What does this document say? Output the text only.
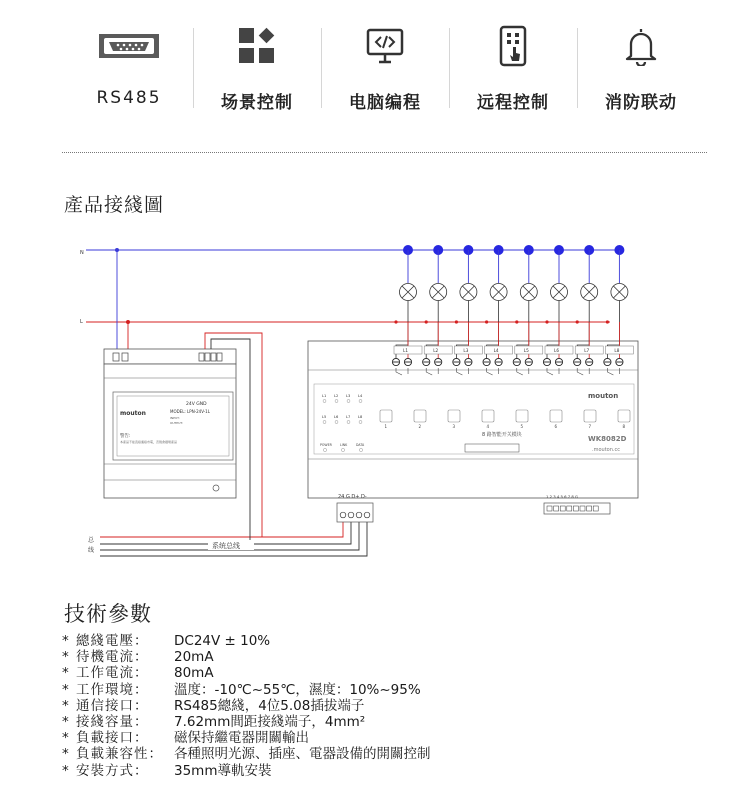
RS485	场景控制	电脑编程	远程控制	消防联动
產品接綫圖
N
L
mouton
24V GND
MODEL: LPN-24V-1L
INPUT:
OUTPUT:
警告:
本產品不能直接連接市電，否則會損壞產品
总
线
系统总线
mouton
WK8082D
.mouton.cc
8 路智能开关模块
POWER	LINK	DATA
24 G D+ D-	1 2 3 4 5 6 7 8 G
L1
1
L2
2
L3
3
L4
4
L5
5
L6
6
L7
7
L8
8
L1 L2 L3 L4
L5 L6 L7 L8
技術參數
* 總綫電壓： DC24V ± 10%
* 待機電流： 20mA
* 工作電流： 80mA
* 工作環境： 溫度：-10℃~55℃，濕度：10%~95%
* 通信接口： RS485總綫，4位5.08插拔端子
* 接綫容量： 7.62mm間距接綫端子，4mm²
* 負載接口： 磁保持繼電器開關輸出
* 負載兼容性： 各種照明光源、插座、電器設備的開關控制
* 安裝方式： 35mm導軌安裝
